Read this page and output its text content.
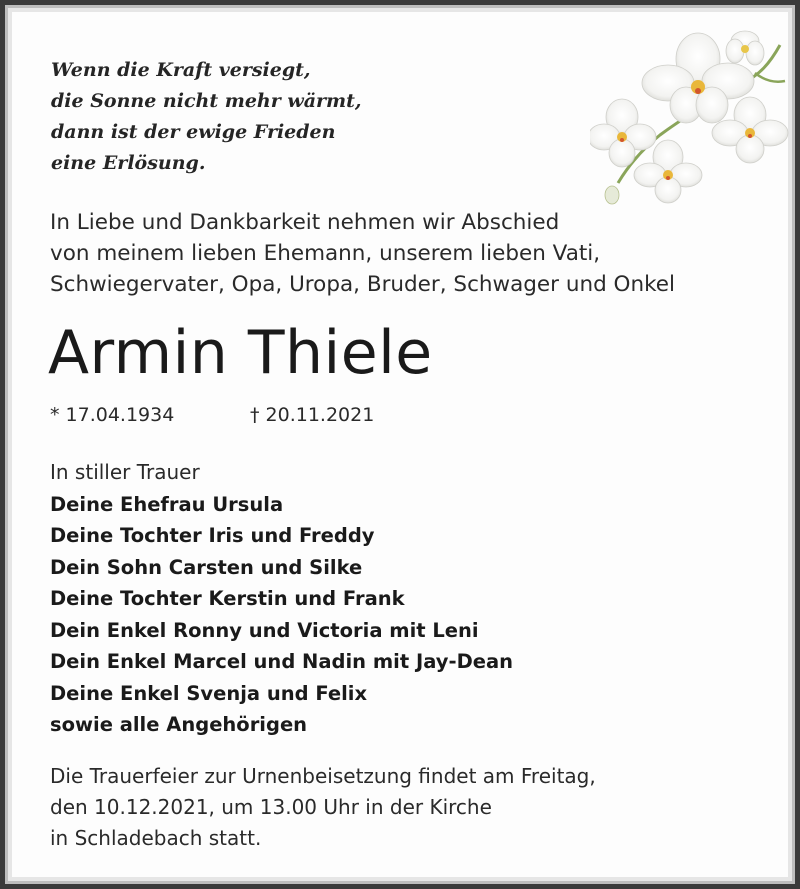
Wenn die Kraft versiegt,
die Sonne nicht mehr wärmt,
dann ist der ewige Frieden
eine Erlösung.
In Liebe und Dankbarkeit nehmen wir Abschied
von meinem lieben Ehemann, unserem lieben Vati,
Schwiegervater, Opa, Uropa, Bruder, Schwager und Onkel
Armin Thiele
* 17.04.1934	† 20.11.2021
In stiller Trauer
Deine Ehefrau Ursula
Deine Tochter Iris und Freddy
Dein Sohn Carsten und Silke
Deine Tochter Kerstin und Frank
Dein Enkel Ronny und Victoria mit Leni
Dein Enkel Marcel und Nadin mit Jay-Dean
Deine Enkel Svenja und Felix
sowie alle Angehörigen
Die Trauerfeier zur Urnenbeisetzung findet am Freitag,
den 10.12.2021, um 13.00 Uhr in der Kirche
in Schladebach statt.
